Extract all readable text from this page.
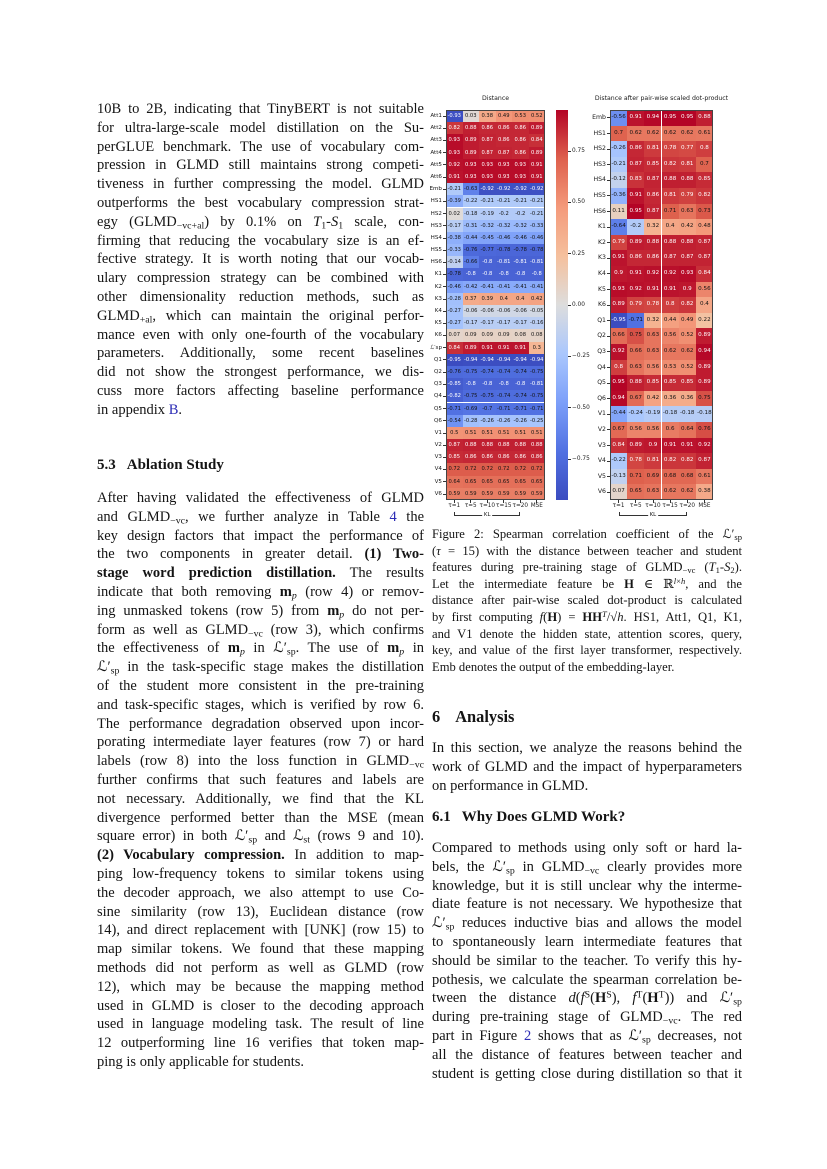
10B to 2B, indicating that TinyBERT is not suitable
for ultra-large-scale model distillation on the Su-
perGLUE benchmark. The use of vocabulary com-
pression in GLMD still maintains strong competi-
tiveness in further compressing the model. GLMD
outperforms the best vocabulary compression strat-
egy $(GLMD_{-vc+al})$ by 0.1% on $T_1-S_1$ scale, con-
firming that reducing the vocabulary size is an ef-
fective strategy. It is worth noting that our vocab-
ulary compression strategy can be combined with
other dimensionality reduction methods, such as
$GLMD_{+al}$, which can maintain the original perfor-
mance even with only one-fourth of the vocabulary
parameters. Additionally, some recent baselines
did not show the strongest performance, we dis-
cuss more factors affecting baseline performance
in appendix B.
5.3 Ablation Study
After having validated the effectiveness of GLMD
and $GLMD_{-vc}$, we further analyze in Table 4 the
key design factors that impact the performance of
the two components in greater detail. (1) Two-
stage word prediction distillation. The results
indicate that both removing $m_p$ (row 4) or remov-
ing unmasked tokens (row 5) from $m_p$ do not per-
form as well as $GLMD_{-vc}$ (row 3), which confirms
the effectiveness of $m_p$ in $ℒ'_{sp}$. The use of $m_p$ in
$ℒ'_{sp}$ in the task-specific stage makes the distillation
of the student more consistent in the pre-training
and task-specific stages, which is verified by row 6.
The performance degradation observed upon incor-
porating intermediate layer features (row 7) or hard
labels (row 8) into the loss function in $GLMD_{-vc}$
further confirms that such features and labels are
not necessary. Additionally, we find that the KL
divergence performed better than the MSE (mean
square error) in both $ℒ'_{sp}$ and ℒ$_{st}$ (rows 9 and 10).
(2) Vocabulary compression. In addition to map-
ping low-frequency tokens to similar tokens using
the decoder approach, we also attempt to use Co-
sine similarity (row 13), Euclidean distance (row
14), and direct replacement with [UNK] (row 15) to
map similar tokens. We found that these mapping
methods did not perform as well as GLMD (row
12), which may be because the mapping method
used in GLMD is closer to the decoding approach
used in language modeling task. The result of line
12 outperforming line 16 verifies that token map-
ping is only applicable for students.
Distance
Att1 -0.93 0.03 0.38 0.49 0.53 0.52
Att2	0.82 0.88 0.86 0.86 0.86 0.89
Att3	0.93 0.89 0.87 0.86 0.86 0.84
Att4	0.93 0.89 0.87 0.87 0.86 0.89
Att5	0.92 0.93 0.93 0.93 0.93 0.91
Att6	0.91 0.93 0.93 0.93 0.93 0.91
Emb -0.21 -0.63 -0.92 -0.92 -0.92 -0.92
HS1 -0.39 -0.22 -0.21 -0.21 -0.21 -0.21
HS2	0.02 -0.18 -0.19 -0.2	-0.2 -0.21
HS3 -0.17 -0.31 -0.32 -0.32 -0.32 -0.33
HS4 -0.38 -0.44 -0.45 -0.46 -0.46 -0.46
HS5 -0.33 -0.76 -0.77 -0.78 -0.78 -0.78
HS6 -0.14 -0.66 -0.8 -0.81 -0.81 -0.81
K1 -0.78 -0.8	-0.8	-0.8	-0.8	-0.8
K2 -0.46 -0.42 -0.41 -0.41 -0.41 -0.41
K3 -0.28 0.37 0.39	0.4	0.4	0.42
K4 -0.27 -0.06 -0.06 -0.06 -0.06 -0.05
K5 -0.27 -0.17 -0.17 -0.17 -0.17 -0.16
K6	0.07 0.09 0.09 0.09 0.08 0.08
ℒ′sp	0.84 0.89 0.91 0.91 0.91	0.3
Q1 -0.95 -0.94 -0.94 -0.94 -0.94 -0.94
Q2 -0.76 -0.75 -0.74 -0.74 -0.74 -0.75
Q3 -0.85 -0.8	-0.8	-0.8	-0.8 -0.81
Q4 -0.82 -0.75 -0.75 -0.74 -0.74 -0.75
Q5 -0.71 -0.69 -0.7 -0.71 -0.71 -0.71
Q6 -0.54 -0.28 -0.26 -0.26 -0.26 -0.25
V1	0.5	0.51 0.51 0.51 0.51 0.51
V2	0.87 0.88 0.88 0.88 0.88 0.88
V3	0.85 0.86 0.86 0.86 0.86 0.86
V4	0.72 0.72 0.72 0.72 0.72 0.72
V5	0.64 0.65 0.65 0.65 0.65 0.65
V6	0.59 0.59 0.59 0.59 0.59 0.59
τ=1 τ=5 τ=10 τ=15 τ=20 MSE
KL
0.75
0.50
0.25
0.00
−0.25
−0.50
−0.75
Distance after pair-wise scaled dot-product
Emb -0.56 0.91 0.94 0.95 0.95 0.88
HS1	0.7	0.62 0.62 0.62 0.62 0.61
HS2 -0.26 0.86 0.81 0.78 0.77	0.8
HS3 -0.21 0.87 0.85 0.82 0.81	0.7
HS4 -0.12 0.83 0.87 0.88 0.88 0.85
HS5 -0.36 0.91 0.86 0.81 0.79 0.82
HS6	0.11 0.95 0.87 0.71 0.63 0.73
K1 -0.64 -0.2 0.32	0.4	0.42 0.48
K2	0.79 0.89 0.88 0.88 0.88 0.87
K3	0.91 0.86 0.86 0.87 0.87 0.87
K4	0.9	0.91 0.92 0.92 0.93 0.84
K5	0.93 0.92 0.91 0.91	0.9	0.56
K6	0.89 0.79 0.78	0.8	0.82	0.4
Q1 -0.95 -0.71 0.32 0.44 0.49 0.22
Q2	0.66 0.75 0.63 0.56 0.52 0.89
Q3	0.92 0.66 0.63 0.62 0.62 0.94
Q4	0.8	0.63 0.56 0.53 0.52 0.89
Q5	0.95 0.88 0.85 0.85 0.85 0.89
Q6	0.94 0.67 0.42 0.36 0.36 0.75
V1 -0.44 -0.24 -0.19 -0.18 -0.18 -0.18
V2	0.67 0.56 0.56	0.6	0.64 0.76
V3	0.84 0.89	0.9	0.91 0.91 0.92
V4 -0.22 0.78 0.81 0.82 0.82 0.87
V5 -0.13 0.71 0.69 0.68 0.68 0.61
V6	0.07 0.65 0.63 0.62 0.62 0.38
τ=1 τ=5 τ=10 τ=15 τ=20 MSE
KL
Figure 2: Spearman correlation coefficient of the $ℒ'_{sp}$
(τ = 15) with the distance between teacher and student
features during pre-training stage of $GLMD_{-vc}$ $(T_1-S_2)$.
Let the intermediate feature be H ∈ ℝ$^{l\times h}$, and the
distance after pair-wise scaled dot-product is calculated
by first computing $f(H) = HH^T/√h$. HS1, Att1, Q1, K1,
and V1 denote the hidden state, attention scores, query,
key, and value of the first layer transformer, respectively.
Emb denotes the output of the embedding-layer.
6 Analysis
In this section, we analyze the reasons behind the
work of GLMD and the impact of hyperparameters
on performance in GLMD.
6.1 Why Does GLMD Work?
Compared to methods using only soft or hard la-
bels, the $ℒ'_{sp}$ in $GLMD_{-vc}$ clearly provides more
knowledge, but it is still unclear why the interme-
diate feature is not necessary. We hypothesize that
$ℒ'_{sp}$ reduces inductive bias and allows the model
to spontaneously learn intermediate features that
should be similar to the teacher. To verify this hy-
pothesis, we calculate the spearman correlation be-
tween the distance $d(f^S(H^S)$, $f^T(H^T)$) and $ℒ'_{sp}$
during pre-training stage of $GLMD_{-vc}$. The red
part in Figure 2 shows that as $ℒ'_{sp}$ decreases, not
all the distance of features between teacher and
student is getting close during distillation so that it
